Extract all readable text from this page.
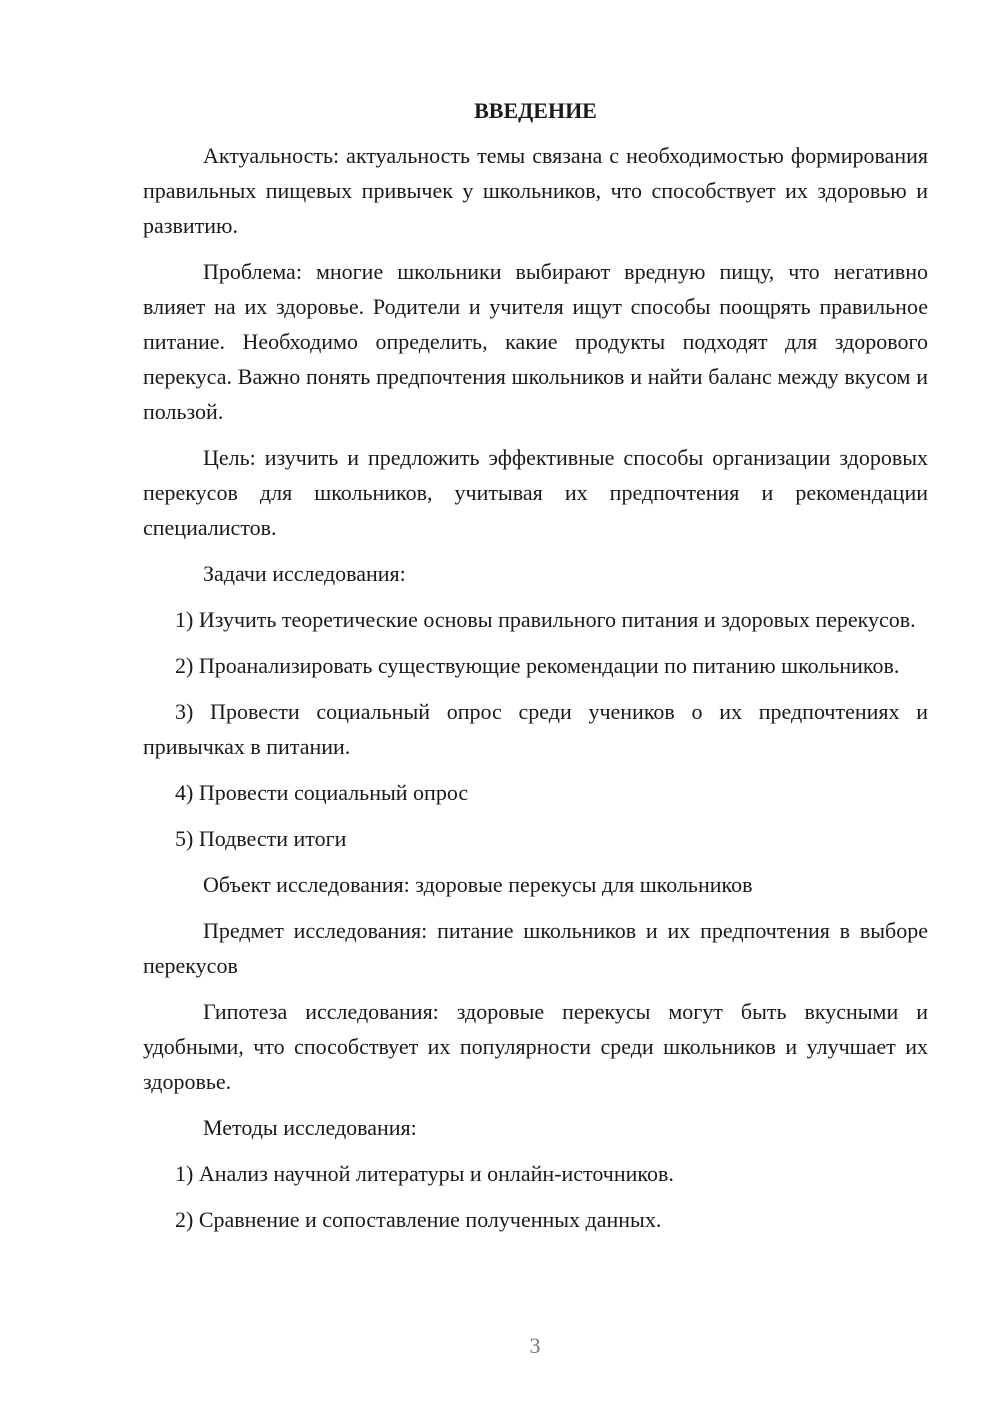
ВВЕДЕНИЕ

Актуальность: актуальность темы связана с необходимостью формирования правильных пищевых привычек у школьников, что способствует их здоровью и развитию.

Проблема: многие школьники выбирают вредную пищу, что негативно влияет на их здоровье. Родители и учителя ищут способы поощрять правильное питание. Необходимо определить, какие продукты подходят для здорового перекуса. Важно понять предпочтения школьников и найти баланс между вкусом и пользой.

Цель: изучить и предложить эффективные способы организации здоровых перекусов для школьников, учитывая их предпочтения и рекомендации специалистов.

Задачи исследования:

1) Изучить теоретические основы правильного питания и здоровых перекусов.

2) Проанализировать существующие рекомендации по питанию школьников.

3) Провести социальный опрос среди учеников о их предпочтениях и привычках в питании.

4) Провести социальный опрос

5) Подвести итоги

Объект исследования: здоровые перекусы для школьников

Предмет исследования: питание школьников и их предпочтения в выборе перекусов

Гипотеза исследования: здоровые перекусы могут быть вкусными и удобными, что способствует их популярности среди школьников и улучшает их здоровье.

Методы исследования:

1) Анализ научной литературы и онлайн-источников.

2) Сравнение и сопоставление полученных данных.

3
